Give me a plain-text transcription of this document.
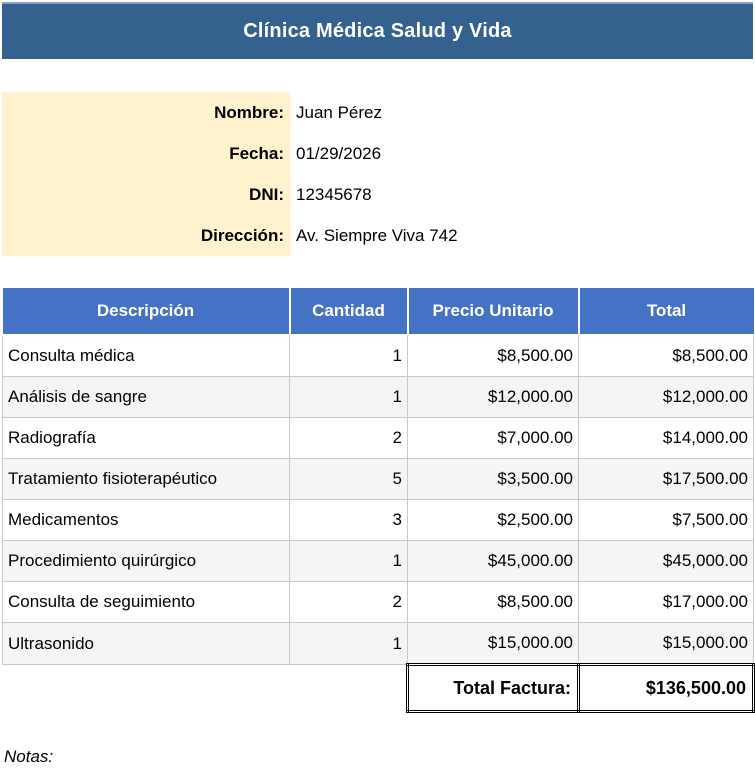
Clínica Médica Salud y Vida
Nombre: Juan Pérez
Fecha: 01/29/2026
DNI: 12345678
Dirección: Av. Siempre Viva 742
Descripción	Cantidad	Precio Unitario	Total
Consulta médica	1	$8,500.00	$8,500.00
Análisis de sangre	1	$12,000.00	$12,000.00
Radiografía	2	$7,000.00	$14,000.00
Tratamiento fisioterapéutico	5	$3,500.00	$17,500.00
Medicamentos	3	$2,500.00	$7,500.00
Procedimiento quirúrgico	1	$45,000.00	$45,000.00
Consulta de seguimiento	2	$8,500.00	$17,000.00
Ultrasonido	1	$15,000.00	$15,000.00
		Total Factura:	$136,500.00
Notas:
